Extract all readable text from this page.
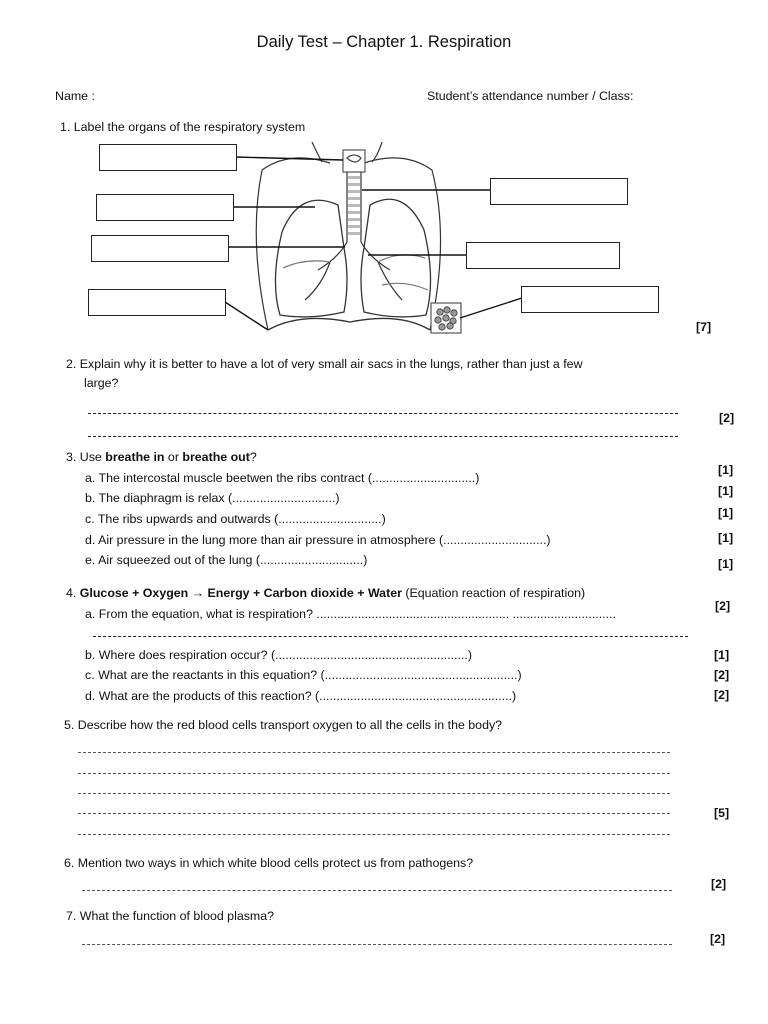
Daily Test – Chapter 1. Respiration
Name :	Student’s attendance number / Class:
1. Label the organs of the respiratory system
[7]
2. Explain why it is better to have a lot of very small air sacs in the lungs, rather than just a few
large?
[2]
3. Use breathe in or breathe out?
a. The intercostal muscle beetwen the ribs contract (..............................)
b. The diaphragm is relax (..............................)
c. The ribs upwards and outwards (..............................)
d. Air pressure in the lung more than air pressure in atmosphere (..............................)
e. Air squeezed out of the lung (..............................)
[1]
[1]
[1]
[1]
[1]
4. Glucose + Oxygen → Energy + Carbon dioxide + Water (Equation reaction of respiration)
a. From the equation, what is respiration? ........................................................ ..............................
b. Where does respiration occur? (........................................................)
c. What are the reactants in this equation? (........................................................)
d. What are the products of this reaction? (........................................................)
[2]
[1]
[2]
[2]
5. Describe how the red blood cells transport oxygen to all the cells in the body?
[5]
6. Mention two ways in which white blood cells protect us from pathogens?
[2]
7. What the function of blood plasma?
[2]
